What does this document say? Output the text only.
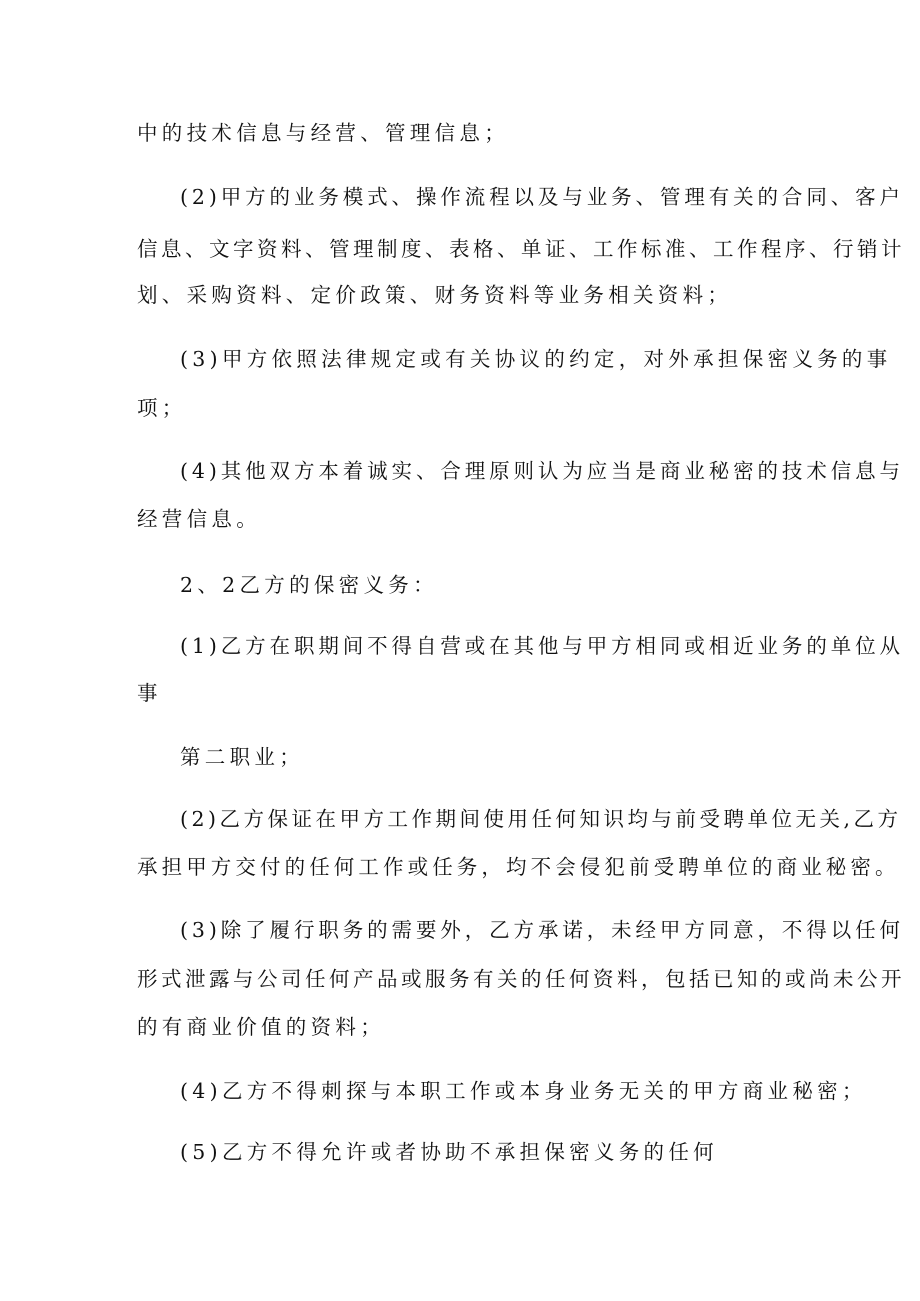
中的技术信息与经营、管理信息；

(2)甲方的业务模式、操作流程以及与业务、管理有关的合同、客户

信息、文字资料、管理制度、表格、单证、工作标准、工作程序、行销计

划、采购资料、定价政策、财务资料等业务相关资料；

(3)甲方依照法律规定或有关协议的约定，对外承担保密义务的事

项；

(4)其他双方本着诚实、合理原则认为应当是商业秘密的技术信息与

经营信息。

2、2乙方的保密义务：

(1)乙方在职期间不得自营或在其他与甲方相同或相近业务的单位从

事

第二职业；

(2)乙方保证在甲方工作期间使用任何知识均与前受聘单位无关,乙方

承担甲方交付的任何工作或任务，均不会侵犯前受聘单位的商业秘密。

(3)除了履行职务的需要外，乙方承诺，未经甲方同意，不得以任何

形式泄露与公司任何产品或服务有关的任何资料，包括已知的或尚未公开

的有商业价值的资料；

(4)乙方不得刺探与本职工作或本身业务无关的甲方商业秘密；

(5)乙方不得允许或者协助不承担保密义务的任何
